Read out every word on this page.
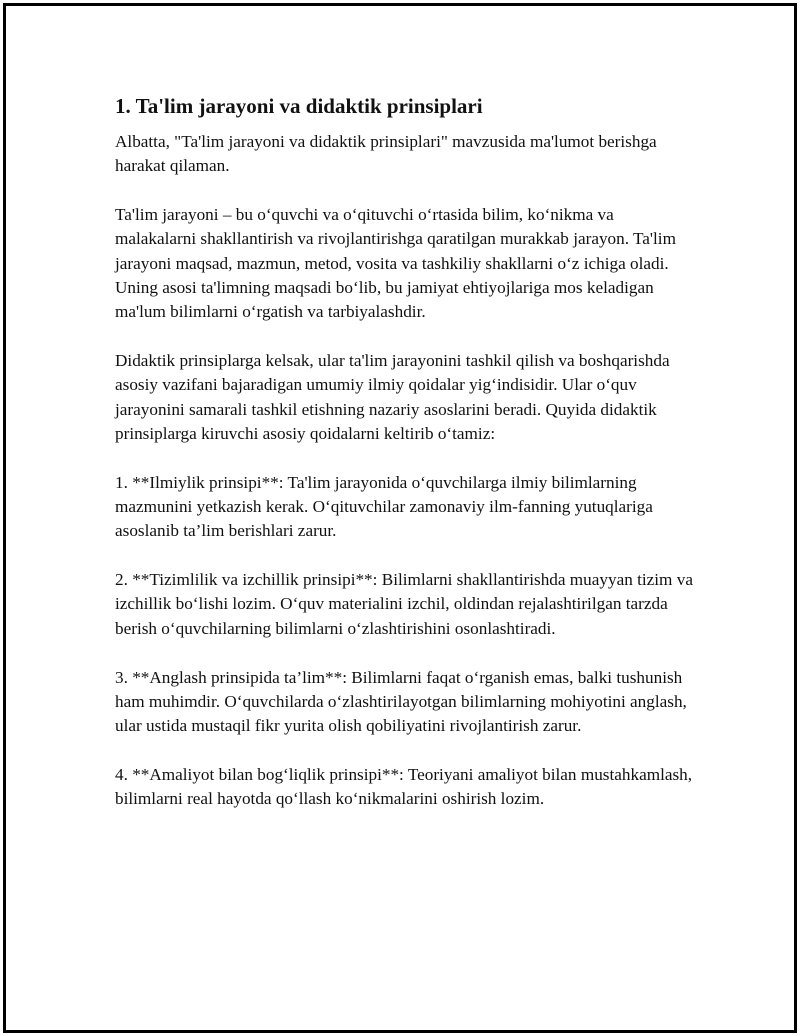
1. Ta'lim jarayoni va didaktik prinsiplari

Albatta, "Ta'lim jarayoni va didaktik prinsiplari" mavzusida ma'lumot berishga harakat qilaman.

Ta'lim jarayoni – bu o‘quvchi va o‘qituvchi o‘rtasida bilim, ko‘nikma va malakalarni shakllantirish va rivojlantirishga qaratilgan murakkab jarayon. Ta'lim jarayoni maqsad, mazmun, metod, vosita va tashkiliy shakllarni o‘z ichiga oladi. Uning asosi ta'limning maqsadi bo‘lib, bu jamiyat ehtiyojlariga mos keladigan ma'lum bilimlarni o‘rgatish va tarbiyalashdir.

Didaktik prinsiplarga kelsak, ular ta'lim jarayonini tashkil qilish va boshqarishda asosiy vazifani bajaradigan umumiy ilmiy qoidalar yig‘indisidir. Ular o‘quv jarayonini samarali tashkil etishning nazariy asoslarini beradi. Quyida didaktik prinsiplarga kiruvchi asosiy qoidalarni keltirib o‘tamiz:

1. **Ilmiylik prinsipi**: Ta'lim jarayonida o‘quvchilarga ilmiy bilimlarning mazmunini yetkazish kerak. O‘qituvchilar zamonaviy ilm-fanning yutuqlariga asoslanib ta’lim berishlari zarur.

2. **Tizimlilik va izchillik prinsipi**: Bilimlarni shakllantirishda muayyan tizim va izchillik bo‘lishi lozim. O‘quv materialini izchil, oldindan rejalashtirilgan tarzda berish o‘quvchilarning bilimlarni o‘zlashtirishini osonlashtiradi.

3. **Anglash prinsipida ta’lim**: Bilimlarni faqat o‘rganish emas, balki tushunish ham muhimdir. O‘quvchilarda o‘zlashtirilayotgan bilimlarning mohiyotini anglash, ular ustida mustaqil fikr yurita olish qobiliyatini rivojlantirish zarur.

4. **Amaliyot bilan bog‘liqlik prinsipi**: Teoriyani amaliyot bilan mustahkamlash, bilimlarni real hayotda qo‘llash ko‘nikmalarini oshirish lozim.
